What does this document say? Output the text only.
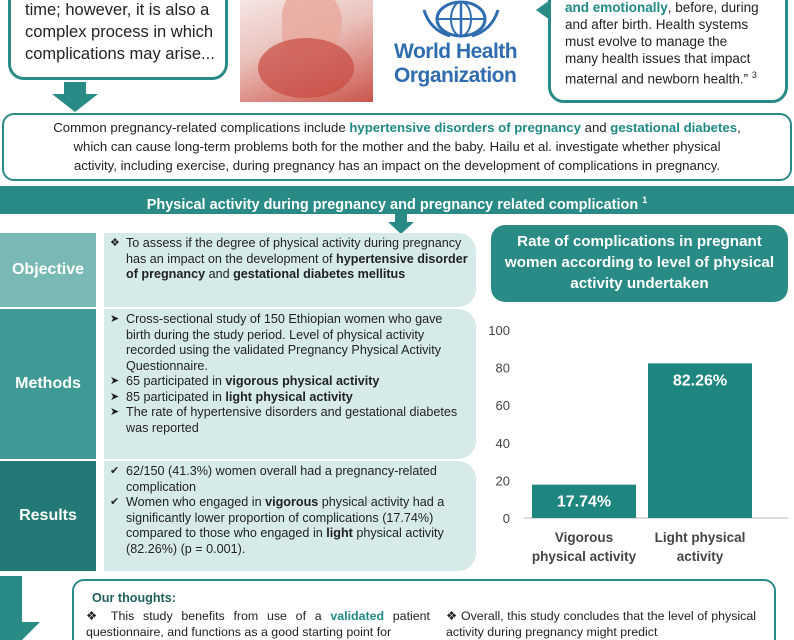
time; however, it is also a
complex process in which
complications may arise...	World Health
Organization
and emotionally, before, during
and after birth. Health systems
must evolve to manage the
many health issues that impact
maternal and newborn health.” $^3$
Common pregnancy-related complications include hypertensive disorders of pregnancy and gestational diabetes,
which can cause long-term problems both for the mother and the baby. Hailu et al. investigate whether physical
activity, including exercise, during pregnancy has an impact on the development of complications in pregnancy.
Physical activity during pregnancy and pregnancy related complication $^1$
Objective
❖ To assess if the degree of physical activity during pregnancy has an impact on the development of hypertensive disorder of pregnancy and gestational diabetes mellitus
Methods
➤ Cross-sectional study of 150 Ethiopian women who gave birth during the study period. Level of physical activity recorded using the validated Pregnancy Physical Activity Questionnaire.
➤ 65 participated in vigorous physical activity
➤ 85 participated in light physical activity
➤ The rate of hypertensive disorders and gestational diabetes was reported
Results
✔ 62/150 (41.3%) women overall had a pregnancy-related complication
✔ Women who engaged in vigorous physical activity had a significantly lower proportion of complications (17.74%) compared to those who engaged in light physical activity (82.26%) (p = 0.001).
Rate of complications in pregnant women according to level of physical activity undertaken
0
20
40
60
80
100
17.74%
Vigorous
physical activity
82.26%
Light physical
activity
Our thoughts:
❖ This study benefits from use of a validated patient questionnaire, and functions as a good starting point for
❖ Overall, this study concludes that the level of physical activity during pregnancy might predict
